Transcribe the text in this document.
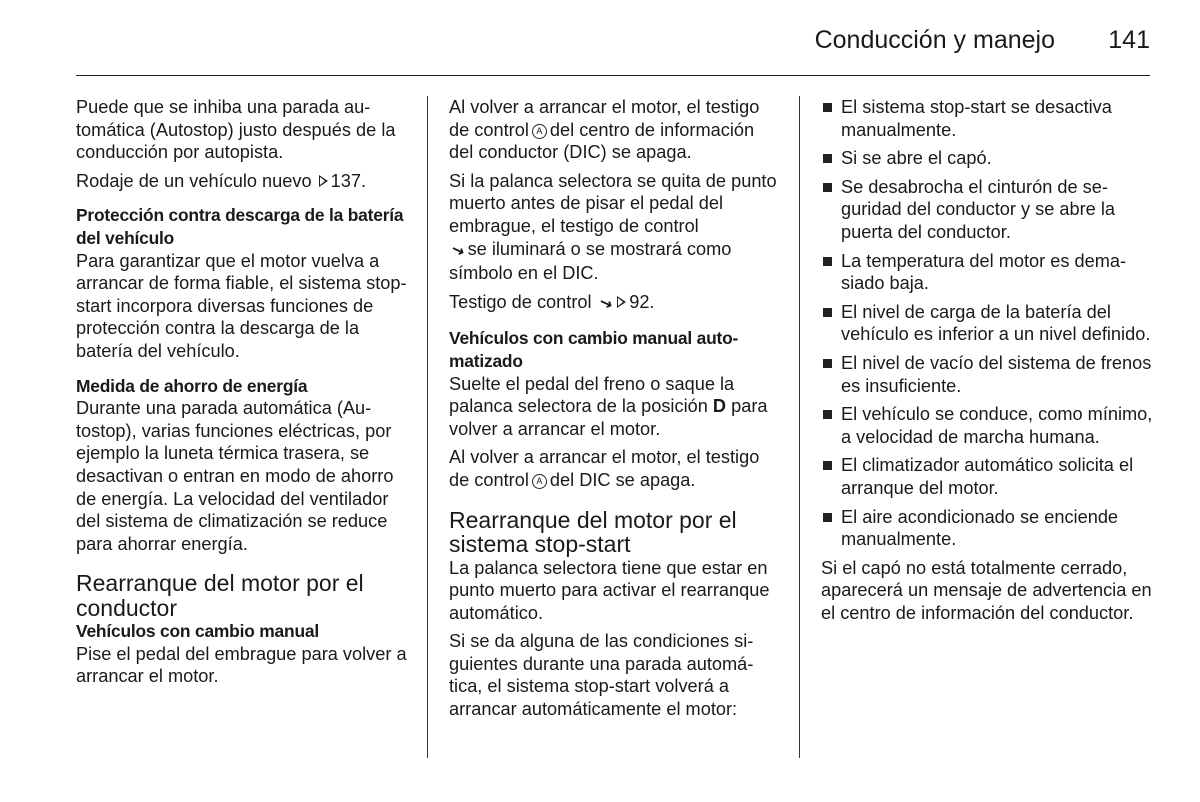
Conducción y manejo 141

Puede que se inhiba una parada automática (Autostop) justo después de la conducción por autopista.

Rodaje de un vehículo nuevo 137.

Protección contra descarga de la batería del vehículo

Para garantizar que el motor vuelva a arrancar de forma fiable, el sistema stop-start incorpora diversas funciones de protección contra la descarga de la batería del vehículo.

Medida de ahorro de energía

Durante una parada automática (Autostop), varias funciones eléctricas, por ejemplo la luneta térmica trasera, se desactivan o entran en modo de ahorro de energía. La velocidad del ventilador del sistema de climatización se reduce para ahorrar energía.

Rearranque del motor por el conductor
Vehículos con cambio manual

Pise el pedal del embrague para volver a arrancar el motor.

Al volver a arrancar el motor, el testigo de control A del centro de información del conductor (DIC) se apaga.

Si la palanca selectora se quita de punto muerto antes de pisar el pedal del embrague, el testigo de control
↘se iluminará o se mostrará como símbolo en el DIC.

Testigo de control ↘ 92.

Vehículos con cambio manual automatizado

Suelte el pedal del freno o saque la palanca selectora de la posición D para volver a arrancar el motor.

Al volver a arrancar el motor, el testigo de control A del DIC se apaga.

Rearranque del motor por el sistema stop-start

La palanca selectora tiene que estar en punto muerto para activar el rearranque automático.

Si se da alguna de las condiciones siguientes durante una parada automática, el sistema stop-start volverá a arrancar automáticamente el motor:

El sistema stop-start se desactiva manualmente.
Si se abre el capó.
Se desabrocha el cinturón de seguridad del conductor y se abre la puerta del conductor.
La temperatura del motor es demasiado baja.
El nivel de carga de la batería del vehículo es inferior a un nivel definido.
El nivel de vacío del sistema de frenos es insuficiente.
El vehículo se conduce, como mínimo, a velocidad de marcha humana.
El climatizador automático solicita el arranque del motor.
El aire acondicionado se enciende manualmente.

Si el capó no está totalmente cerrado, aparecerá un mensaje de advertencia en el centro de información del conductor.
